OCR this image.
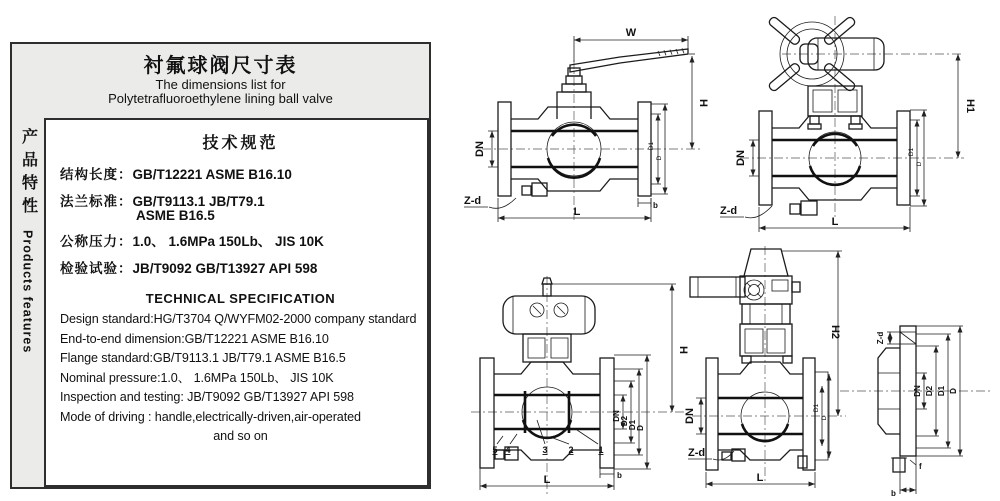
衬氟球阀尺寸表
The dimensions list for
Polytetrafluoroethylene lining ball valve
产品特性Products features
技术规范
结构长度：GB/T12221 ASME B16.10
法兰标准：GB/T9113.1 JB/T79.1
ASME B16.5
公称压力：1.0、 1.6MPa 150Lb、 JIS 10K
检验试验：JB/T9092 GB/T13927 API 598
TECHNICAL SPECIFICATION
Design standard:HG/T3704 Q/WYFM02-2000 company standard
End-to-end dimension:GB/T12221 ASME B16.10
Flange standard:GB/T9113.1 JB/T79.1 ASME B16.5
Nominal pressure:1.0、 1.6MPa 150Lb、 JIS 10K
Inspection and testing: JB/T9092 GB/T13927 API 598
Mode of driving : handle,electrically-driven,air-operated
and so on
W
H
DN
Z-d
L
b
D1
D
H1
DN
Z-d
L
D1
D
H
DN D2 D1 D
L	b
5 4	3 2	1
H2
DN
Z-d
L
D1
D
Z-d
DN D2 D1 D
f
b
